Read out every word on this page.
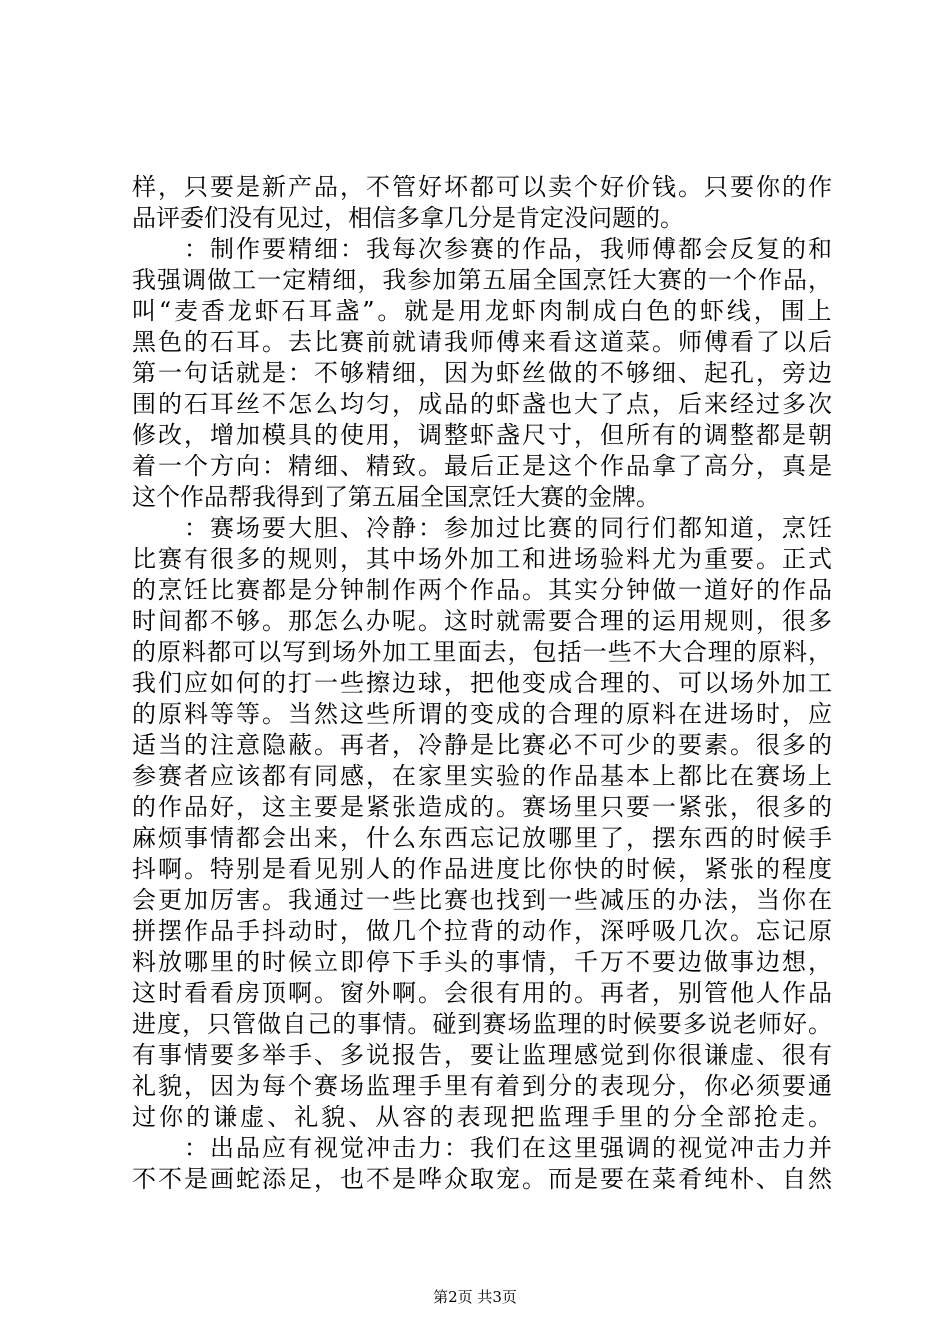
样，只要是新产品，不管好坏都可以卖个好价钱。只要你的作
品评委们没有见过，相信多拿几分是肯定没问题的。
　　：制作要精细：我每次参赛的作品，我师傅都会反复的和
我强调做工一定精细，我参加第五届全国烹饪大赛的一个作品，
叫“麦香龙虾石耳盏”。就是用龙虾肉制成白色的虾线，围上
黑色的石耳。去比赛前就请我师傅来看这道菜。师傅看了以后
第一句话就是：不够精细，因为虾丝做的不够细、起孔，旁边
围的石耳丝不怎么均匀，成品的虾盏也大了点，后来经过多次
修改，增加模具的使用，调整虾盏尺寸，但所有的调整都是朝
着一个方向：精细、精致。最后正是这个作品拿了高分，真是
这个作品帮我得到了第五届全国烹饪大赛的金牌。
　　：赛场要大胆、冷静：参加过比赛的同行们都知道，烹饪
比赛有很多的规则，其中场外加工和进场验料尤为重要。正式
的烹饪比赛都是分钟制作两个作品。其实分钟做一道好的作品
时间都不够。那怎么办呢。这时就需要合理的运用规则，很多
的原料都可以写到场外加工里面去，包括一些不大合理的原料，
我们应如何的打一些擦边球，把他变成合理的、可以场外加工
的原料等等。当然这些所谓的变成的合理的原料在进场时，应
适当的注意隐蔽。再者，冷静是比赛必不可少的要素。很多的
参赛者应该都有同感，在家里实验的作品基本上都比在赛场上
的作品好，这主要是紧张造成的。赛场里只要一紧张，很多的
麻烦事情都会出来，什么东西忘记放哪里了，摆东西的时候手
抖啊。特别是看见别人的作品进度比你快的时候，紧张的程度
会更加厉害。我通过一些比赛也找到一些减压的办法，当你在
拼摆作品手抖动时，做几个拉背的动作，深呼吸几次。忘记原
料放哪里的时候立即停下手头的事情，千万不要边做事边想，
这时看看房顶啊。窗外啊。会很有用的。再者，别管他人作品
进度，只管做自己的事情。碰到赛场监理的时候要多说老师好。
有事情要多举手、多说报告，要让监理感觉到你很谦虚、很有
礼貌，因为每个赛场监理手里有着到分的表现分，你必须要通
过你的谦虚、礼貌、从容的表现把监理手里的分全部抢走。
　　：出品应有视觉冲击力：我们在这里强调的视觉冲击力并
不不是画蛇添足，也不是哗众取宠。而是要在菜肴纯朴、自然
第2页 共3页
